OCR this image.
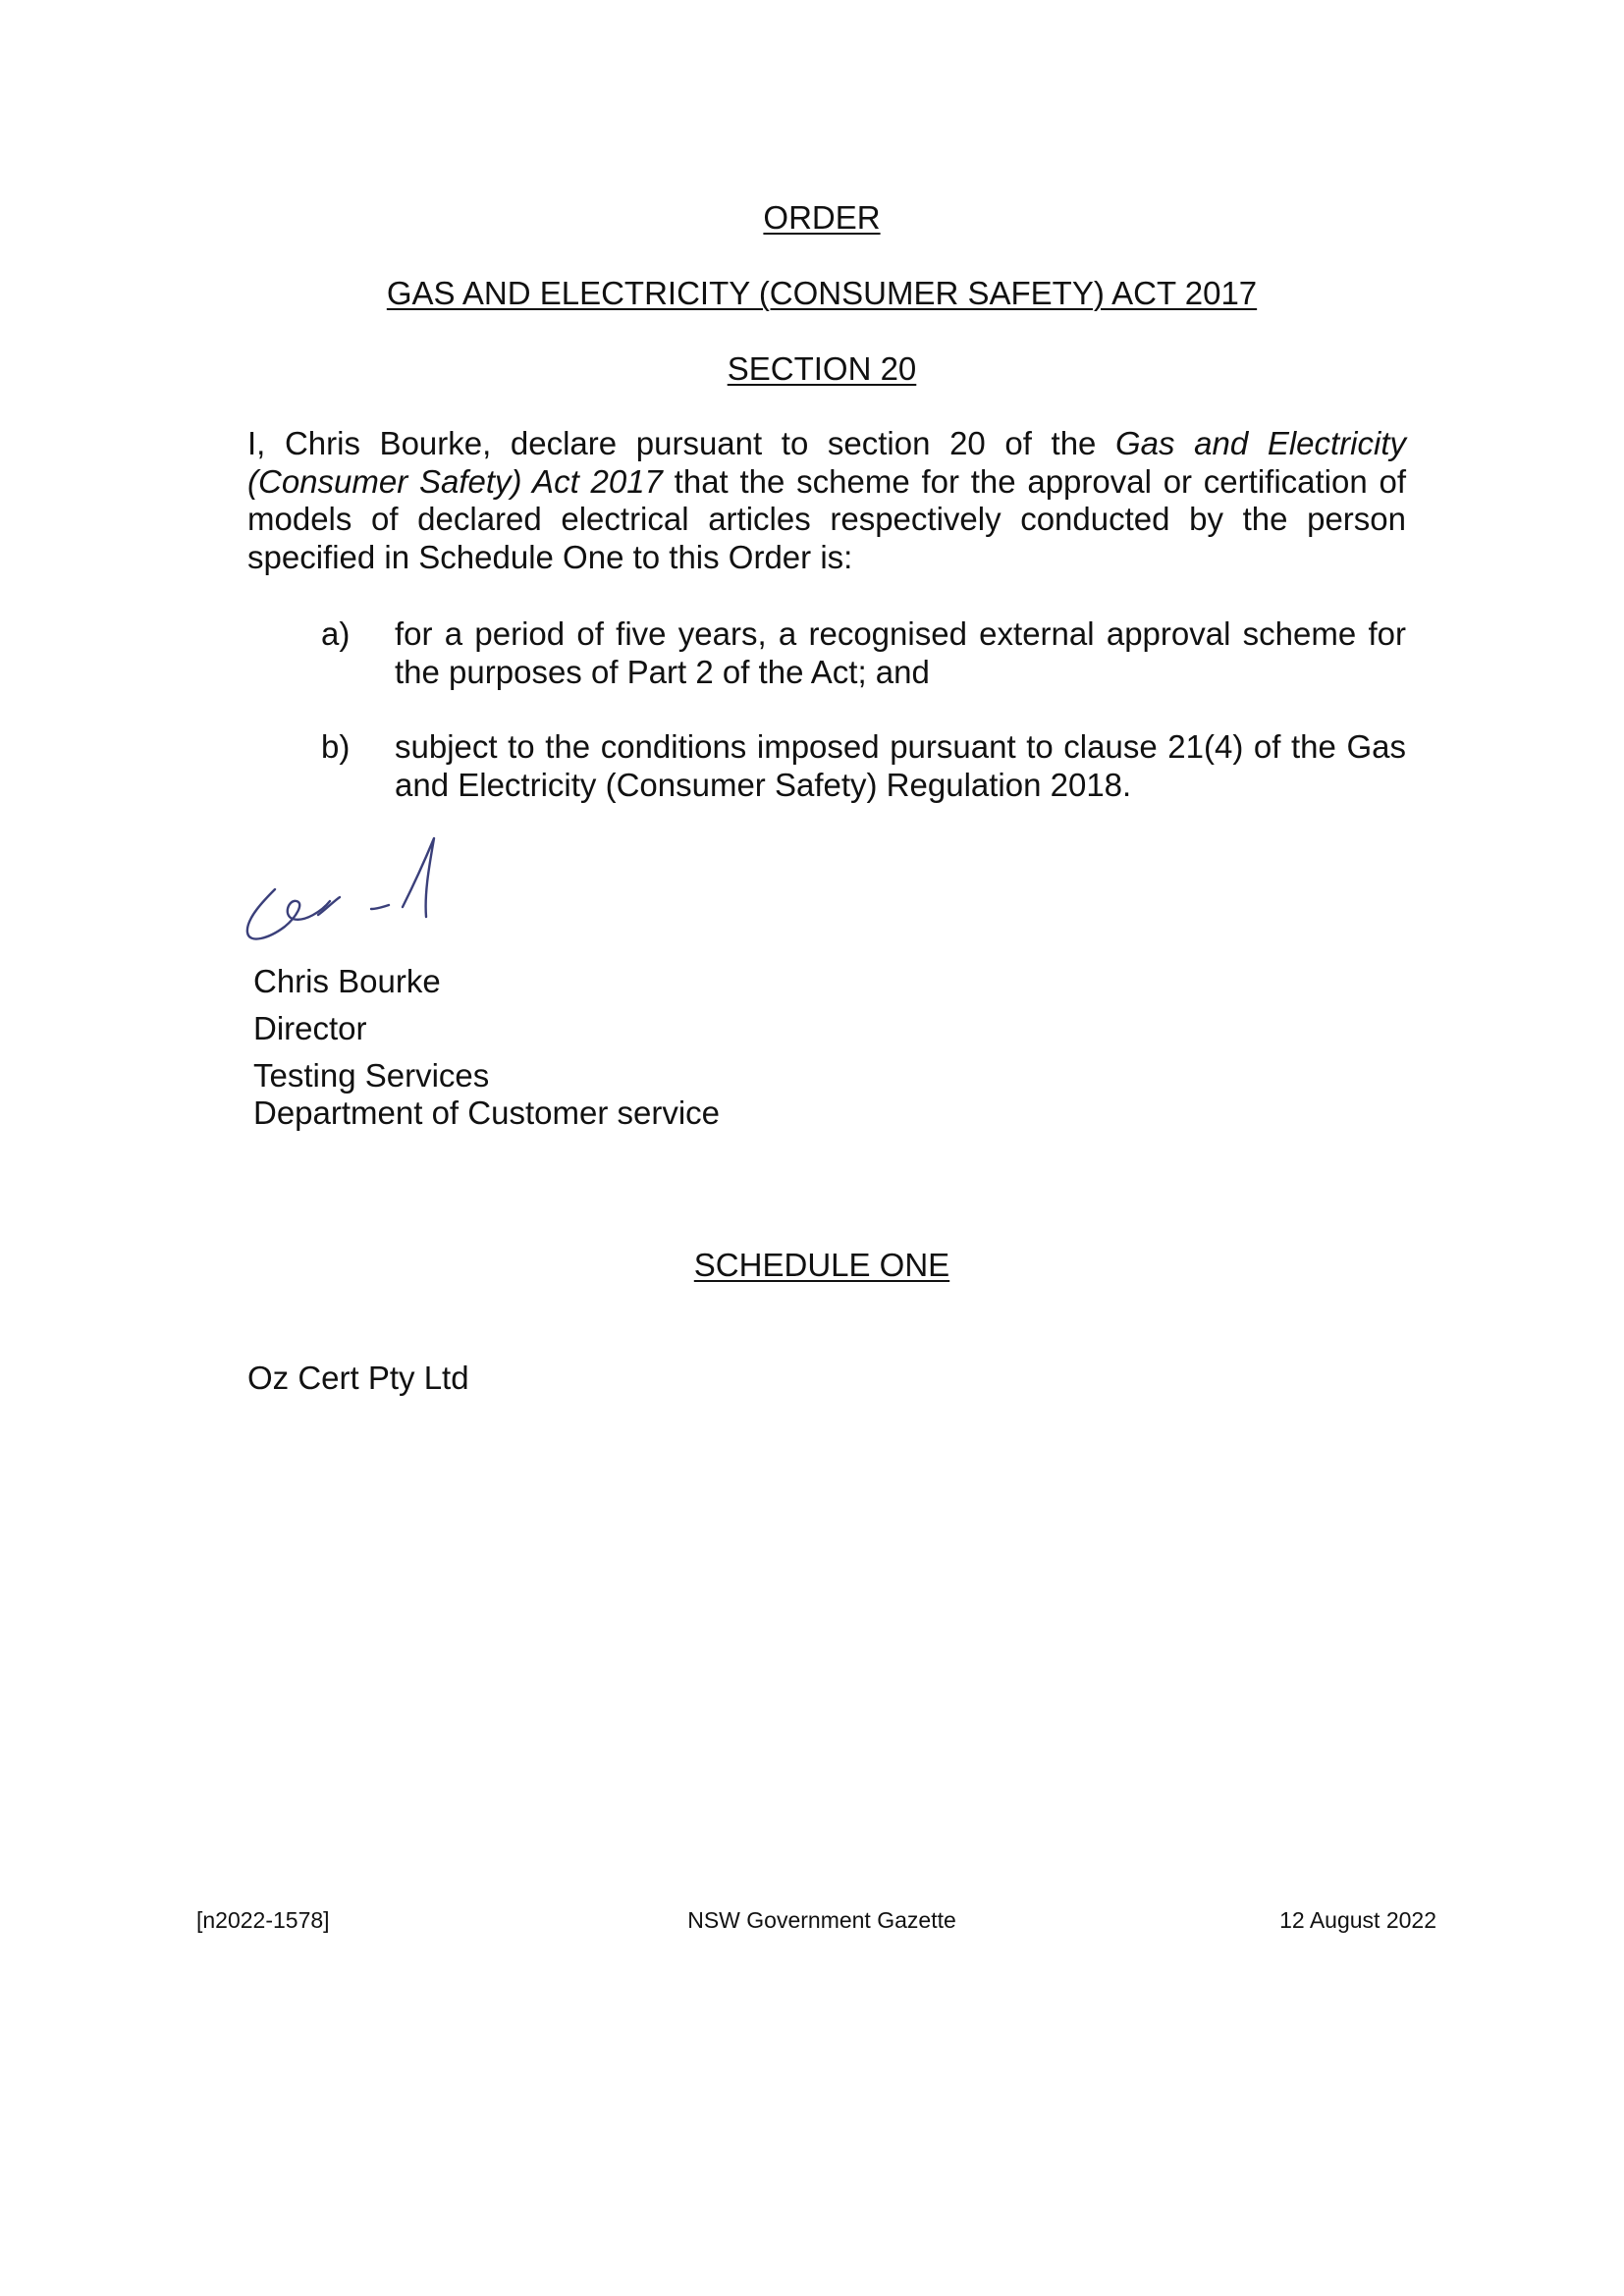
ORDER
GAS AND ELECTRICITY (CONSUMER SAFETY) ACT 2017
SECTION 20
I, Chris Bourke, declare pursuant to section 20 of the Gas and Electricity (Consumer Safety) Act 2017 that the scheme for the approval or certification of models of declared electrical articles respectively conducted by the person specified in Schedule One to this Order is:
a) for a period of five years, a recognised external approval scheme for the purposes of Part 2 of the Act; and
b) subject to the conditions imposed pursuant to clause 21(4) of the Gas and Electricity (Consumer Safety) Regulation 2018.
Chris Bourke
Director
Testing Services
Department of Customer service
SCHEDULE ONE
Oz Cert Pty Ltd
[n2022-1578]	NSW Government Gazette	12 August 2022
